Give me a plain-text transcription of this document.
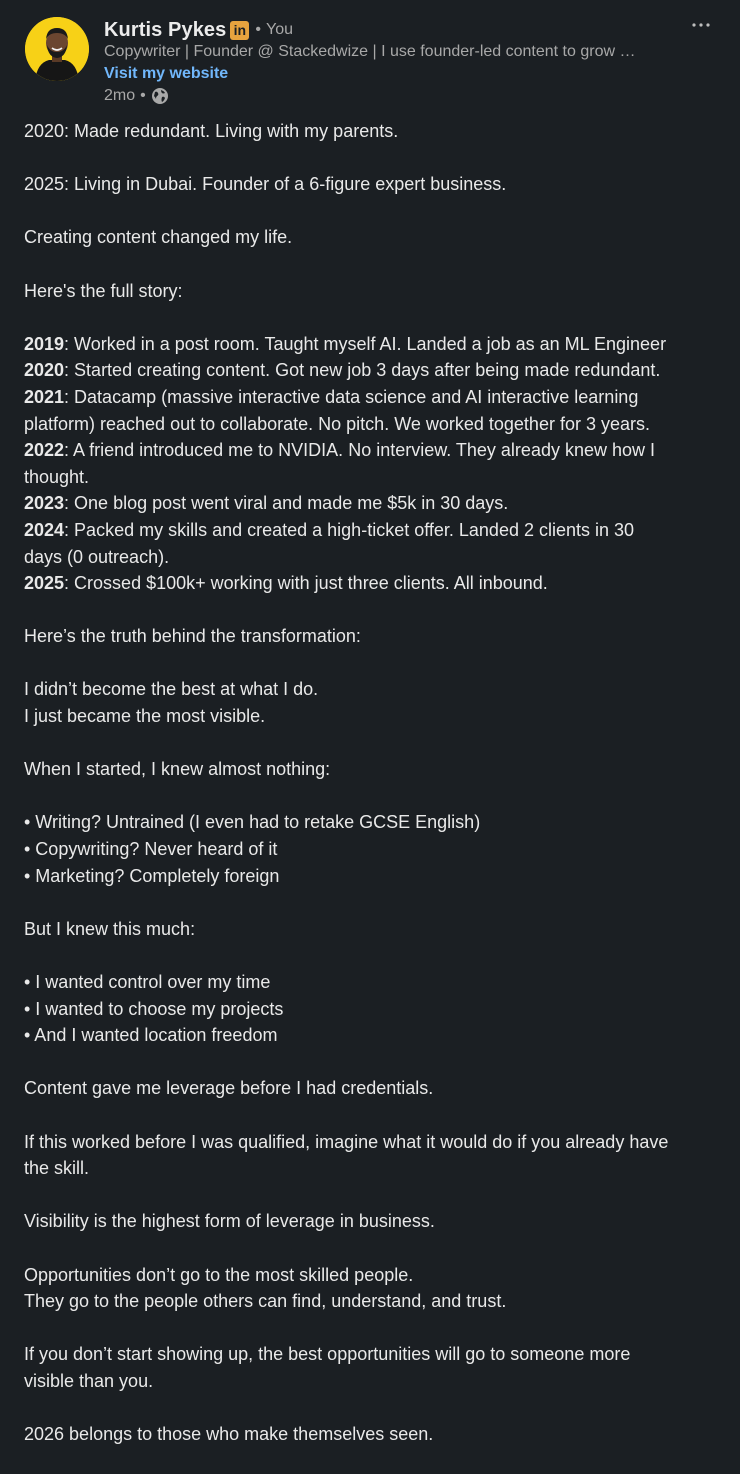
Kurtis Pykes in • You
Copywriter | Founder @ Stackedwize | I use founder-led content to grow …
Visit my website
2mo •

2020: Made redundant. Living with my parents.

2025: Living in Dubai. Founder of a 6-figure expert business.

Creating content changed my life.

Here's the full story:

2019: Worked in a post room. Taught myself AI. Landed a job as an ML Engineer
2020: Started creating content. Got new job 3 days after being made redundant.
2021: Datacamp (massive interactive data science and AI interactive learning
platform) reached out to collaborate. No pitch. We worked together for 3 years.
2022: A friend introduced me to NVIDIA. No interview. They already knew how I
thought.
2023: One blog post went viral and made me $5k in 30 days.
2024: Packed my skills and created a high-ticket offer. Landed 2 clients in 30
days (0 outreach).
2025: Crossed $100k+ working with just three clients. All inbound.

Here’s the truth behind the transformation:

I didn’t become the best at what I do.
I just became the most visible.

When I started, I knew almost nothing:

• Writing? Untrained (I even had to retake GCSE English)
• Copywriting? Never heard of it
• Marketing? Completely foreign

But I knew this much:

• I wanted control over my time
• I wanted to choose my projects
• And I wanted location freedom

Content gave me leverage before I had credentials.

If this worked before I was qualified, imagine what it would do if you already have
the skill.

Visibility is the highest form of leverage in business.

Opportunities don’t go to the most skilled people.
They go to the people others can find, understand, and trust.

If you don’t start showing up, the best opportunities will go to someone more
visible than you.

2026 belongs to those who make themselves seen.
